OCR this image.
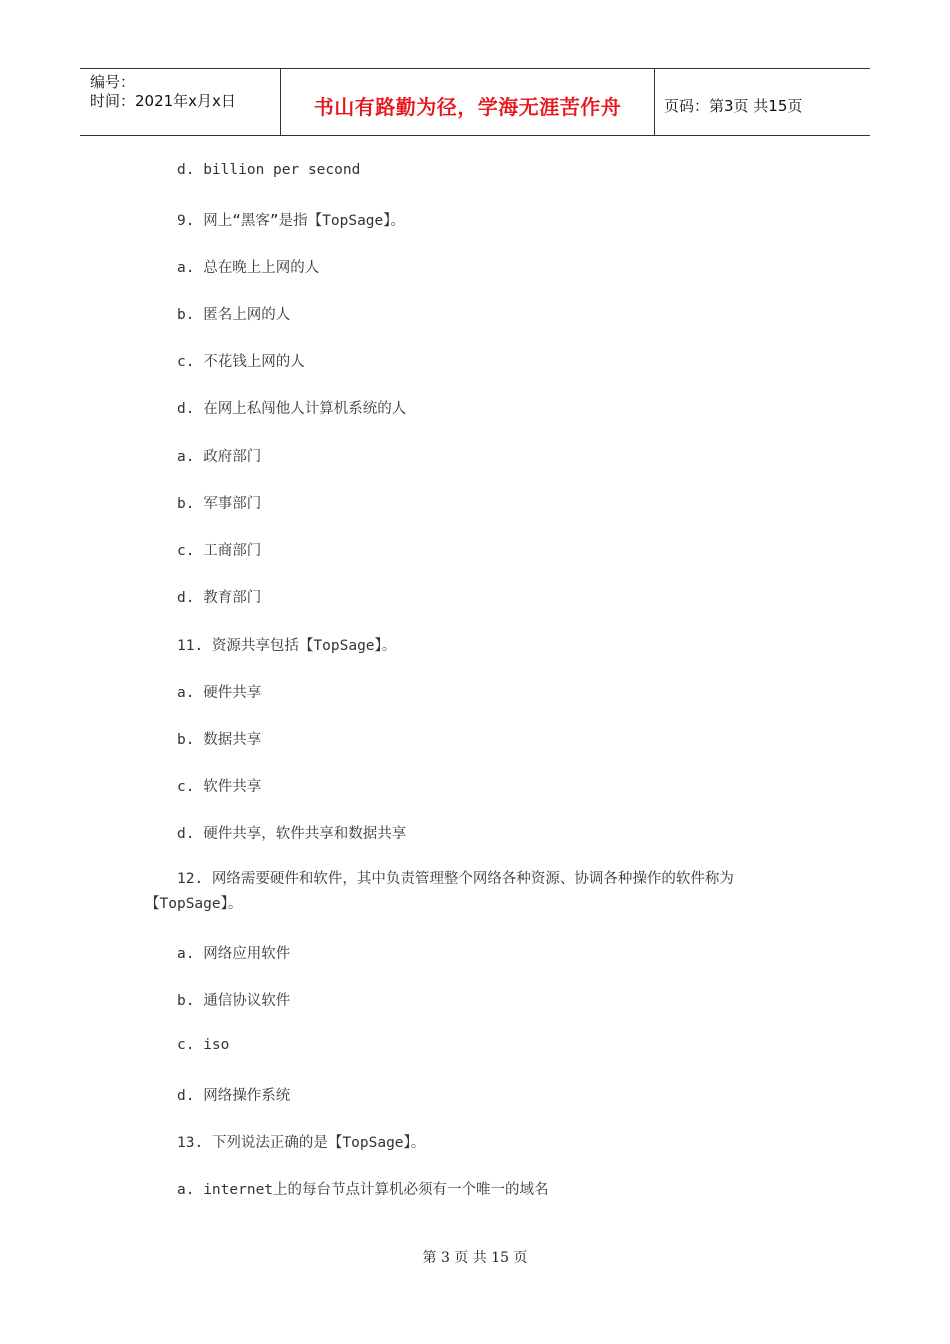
编号：
时间：2021年x月x日	书山有路勤为径，学海无涯苦作舟	页码：第3页 共15页
d. billion per second
9. 网上“黑客”是指【TopSage】。
a. 总在晚上上网的人
b. 匿名上网的人
c. 不花钱上网的人
d. 在网上私闯他人计算机系统的人
a. 政府部门
b. 军事部门
c. 工商部门
d. 教育部门
11. 资源共享包括【TopSage】。
a. 硬件共享
b. 数据共享
c. 软件共享
d. 硬件共享，软件共享和数据共享
12. 网络需要硬件和软件，其中负责管理整个网络各种资源、协调各种操作的软件称为【TopSage】。
a. 网络应用软件
b. 通信协议软件
c. iso
d. 网络操作系统
13. 下列说法正确的是【TopSage】。
a. internet上的每台节点计算机必须有一个唯一的域名
第 3 页 共 15 页
